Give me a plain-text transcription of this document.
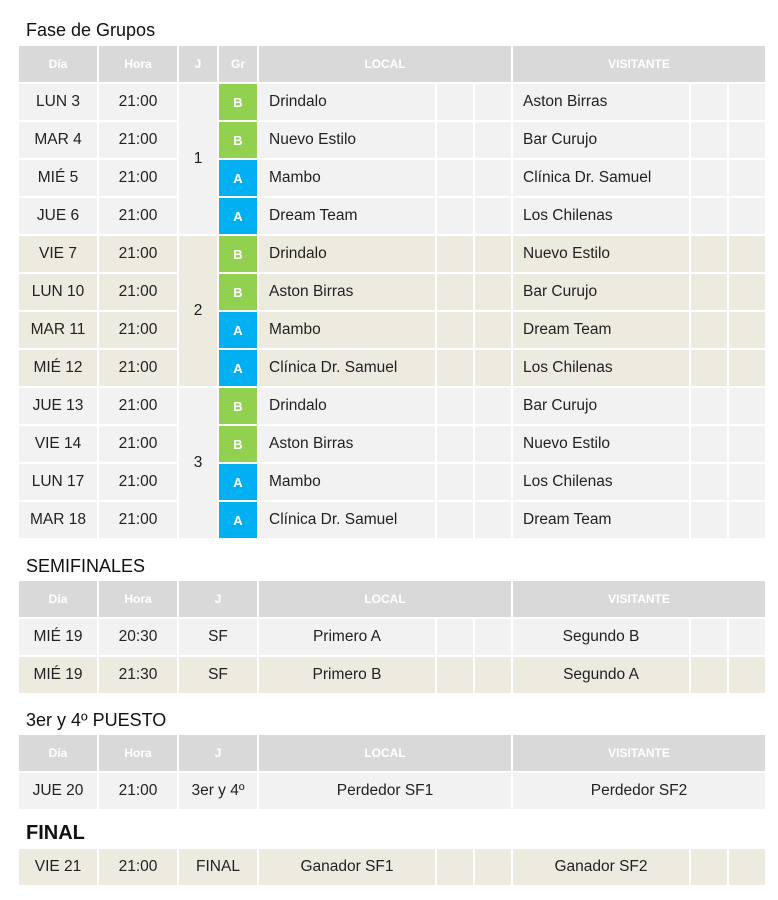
Fase de Grupos
Día	Hora	J	Gr	LOCAL			VISITANTE		
LUN 3	21:00	1	B	Drindalo			Aston Birras	

MAR 4	21:00		B	Nuevo Estilo			Bar Curujo	

MIÉ 5	21:00		A	Mambo			Clínica Dr. Samuel	

JUE 6	21:00		A	Dream Team			Los Chilenas	

VIE 7	21:00	2	B	Drindalo			Nuevo Estilo	

LUN 10	21:00		B	Aston Birras			Bar Curujo	

MAR 11	21:00		A	Mambo			Dream Team	

MIÉ 12	21:00		A	Clínica Dr. Samuel			Los Chilenas	

JUE 13	21:00	3	B	Drindalo			Bar Curujo	

VIE 14	21:00		B	Aston Birras			Nuevo Estilo	

LUN 17	21:00		A	Mambo			Los Chilenas	

MAR 18	21:00		A	Clínica Dr. Samuel			Dream Team	

SEMIFINALES
Día	Hora	J	LOCAL			VISITANTE		
MIÉ 19	20:30	SF	Primero A			Segundo B		
MIÉ 19	21:30	SF	Primero B			Segundo A		
3er y 4º PUESTO
Día	Hora	J	LOCAL	VISITANTE
JUE 20	21:00	3er y 4º	Perdedor SF1	Perdedor SF2
FINAL
VIE 21	21:00	FINAL	Ganador SF1			Ganador SF2		
